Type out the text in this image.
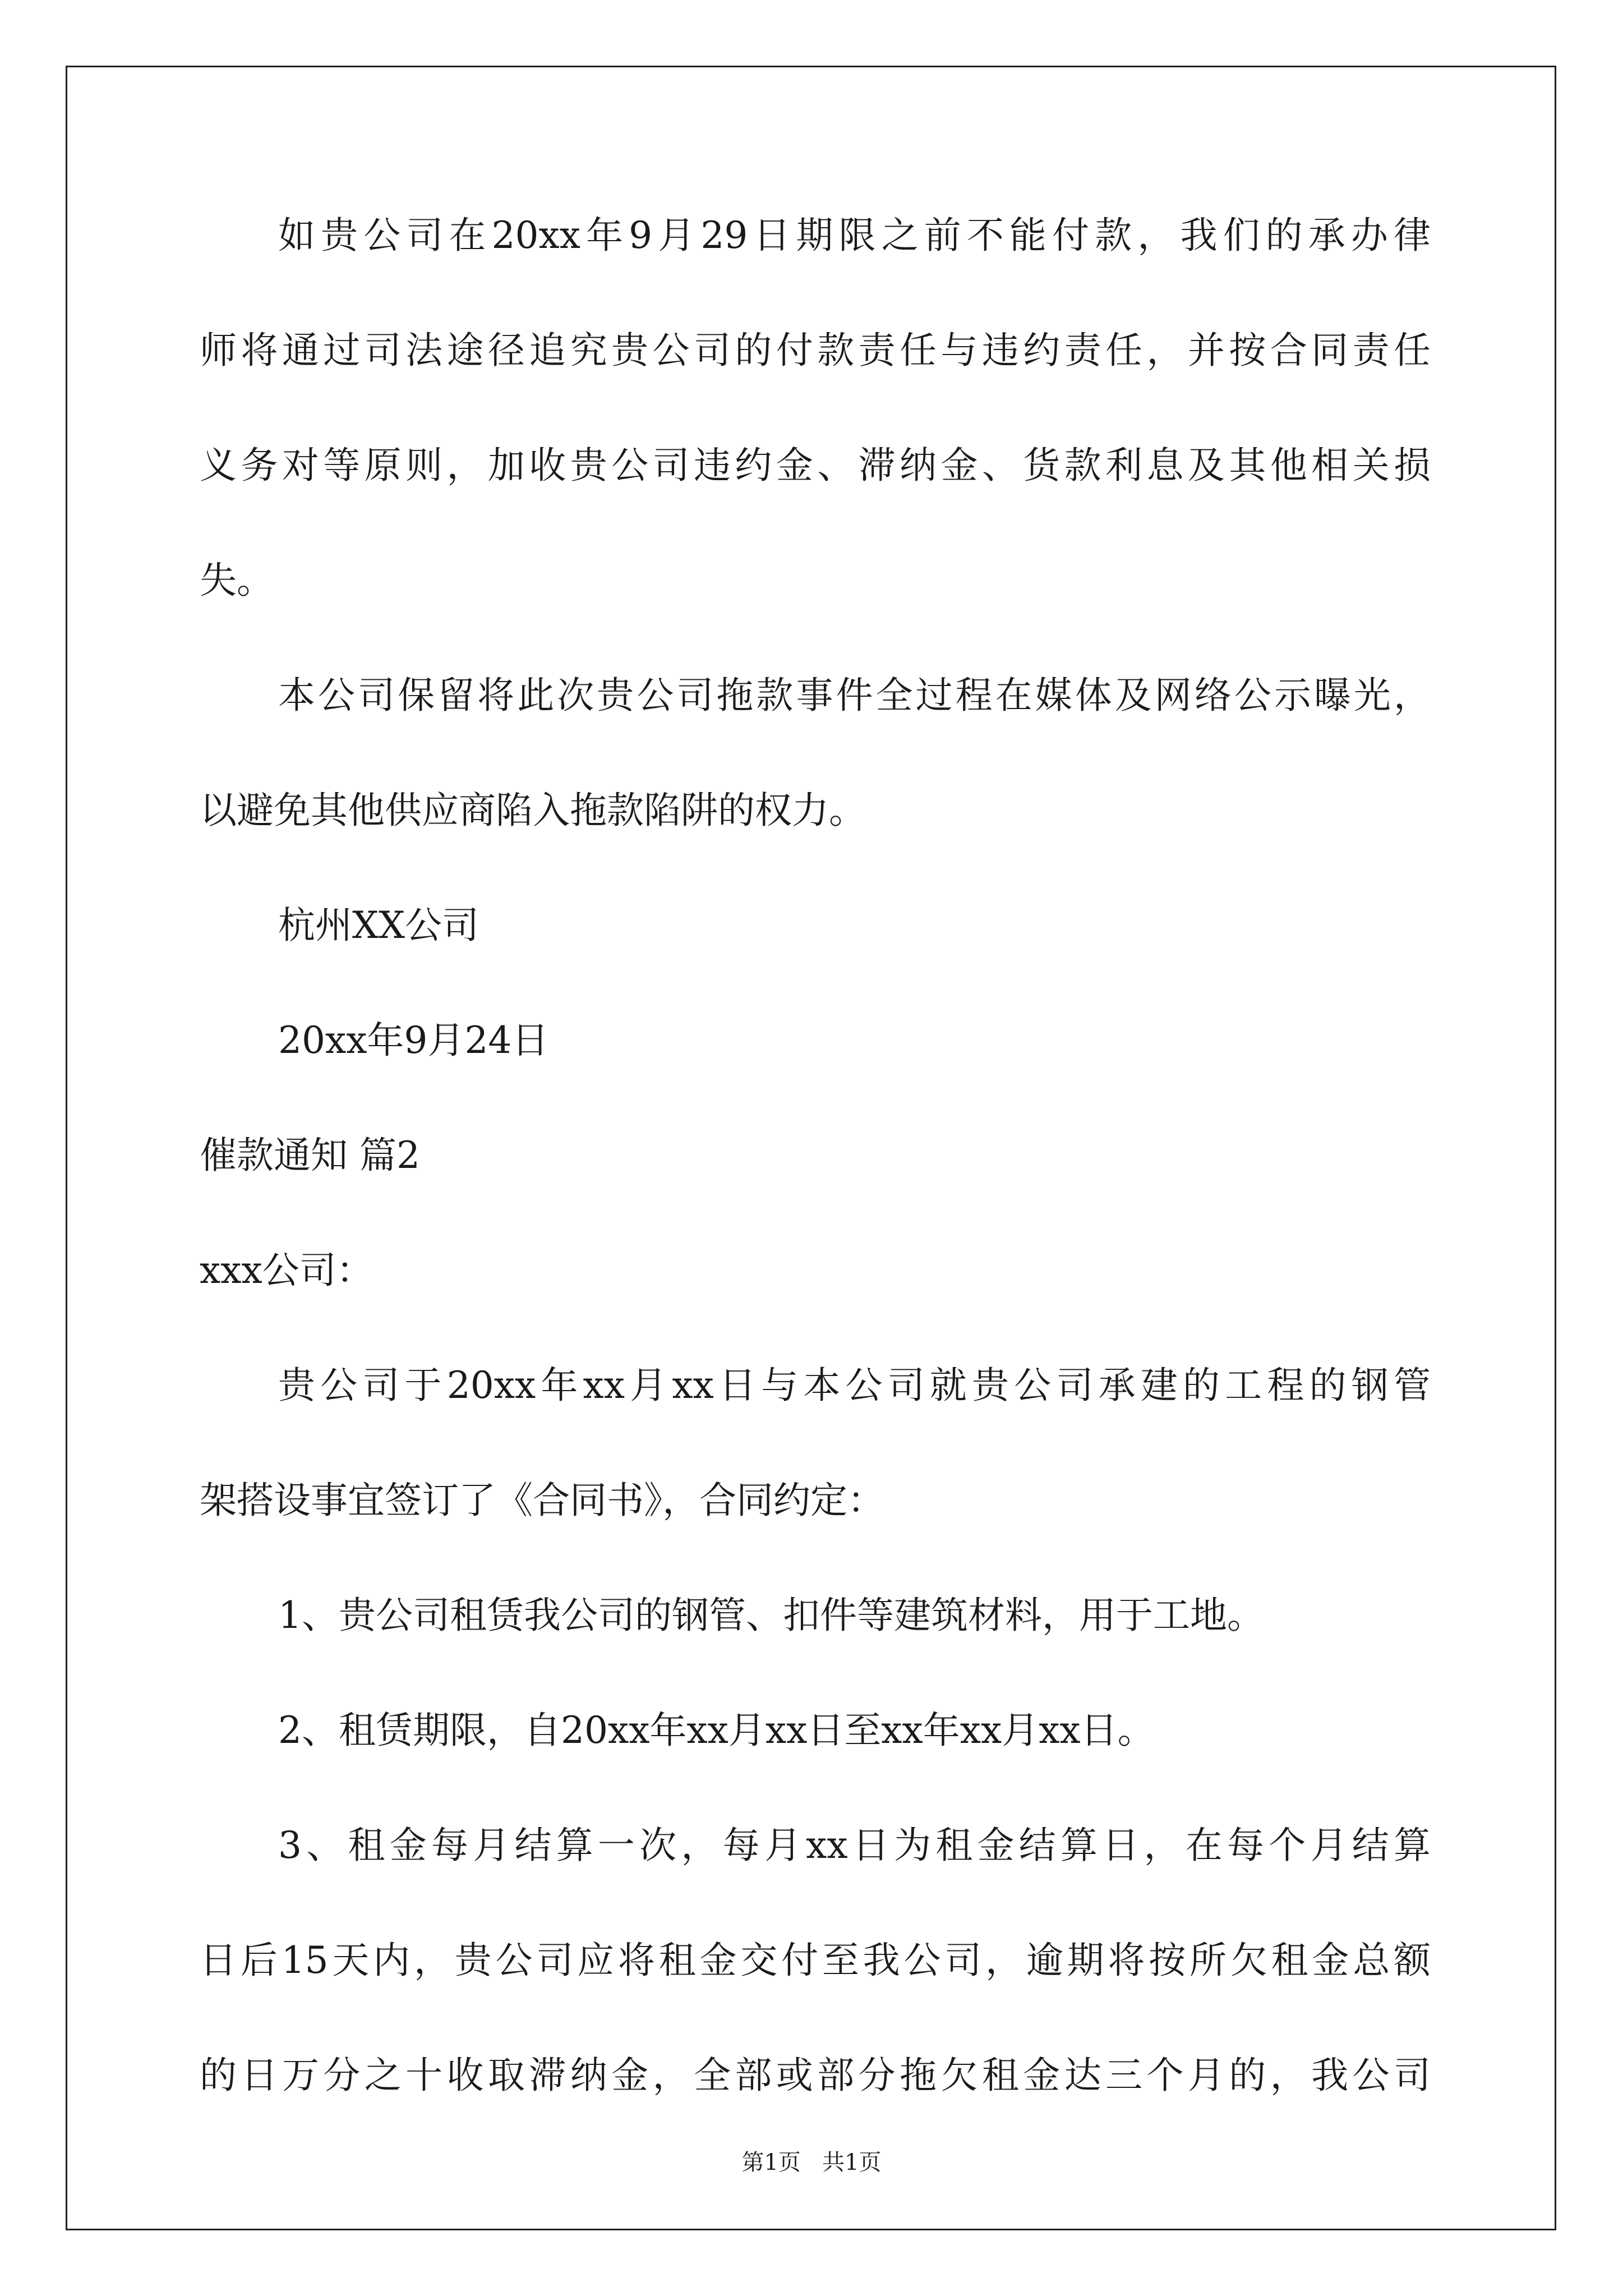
如贵公司在20xx年9月29日期限之前不能付款，我们的承办律
师将通过司法途径追究贵公司的付款责任与违约责任，并按合同责任
义务对等原则，加收贵公司违约金、滞纳金、货款利息及其他相关损
失。
本公司保留将此次贵公司拖款事件全过程在媒体及网络公示曝光，
以避免其他供应商陷入拖款陷阱的权力。
杭州XX公司
20xx年9月24日
催款通知 篇2
xxx公司：
贵公司于20xx年xx月xx日与本公司就贵公司承建的工程的钢管
架搭设事宜签订了《合同书》，合同约定：
1、贵公司租赁我公司的钢管、扣件等建筑材料，用于工地。
2、租赁期限，自20xx年xx月xx日至xx年xx月xx日。
3、租金每月结算一次，每月xx日为租金结算日，在每个月结算
日后15天内，贵公司应将租金交付至我公司，逾期将按所欠租金总额
的日万分之十收取滞纳金，全部或部分拖欠租金达三个月的，我公司
第1页   共1页
